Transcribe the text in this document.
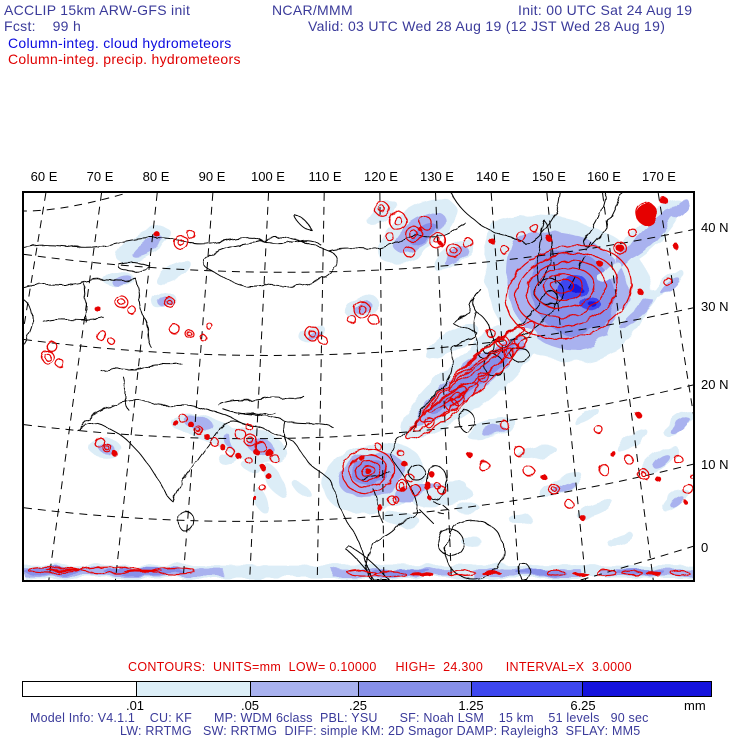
ACCLIP 15km ARW-GFS init	NCAR/MMM	Init: 00 UTC Sat 24 Aug 19
Fcst:    99 h	Valid: 03 UTC Wed 28 Aug 19 (12 JST Wed 28 Aug 19)
Column-integ. cloud hydrometeors
Column-integ. precip. hydrometeors
60 E 70 E 80 E 90 E 100 E 110 E 120 E 130 E 140 E 150 E 160 E 170 E
40 N
30 N
20 N
10 N
0
CONTOURS:  UNITS=mm  LOW= 0.10000     HIGH=  24.300      INTERVAL=X  3.0000
.01	.05	.25	1.25	6.25	mm
Model Info: V4.1.1    CU: KF      MP: WDM 6class  PBL: YSU      SF: Noah LSM    15 km    51 levels   90 sec
LW: RRTMG   SW: RRTMG  DIFF: simple KM: 2D Smagor DAMP: Rayleigh3  SFLAY: MM5
